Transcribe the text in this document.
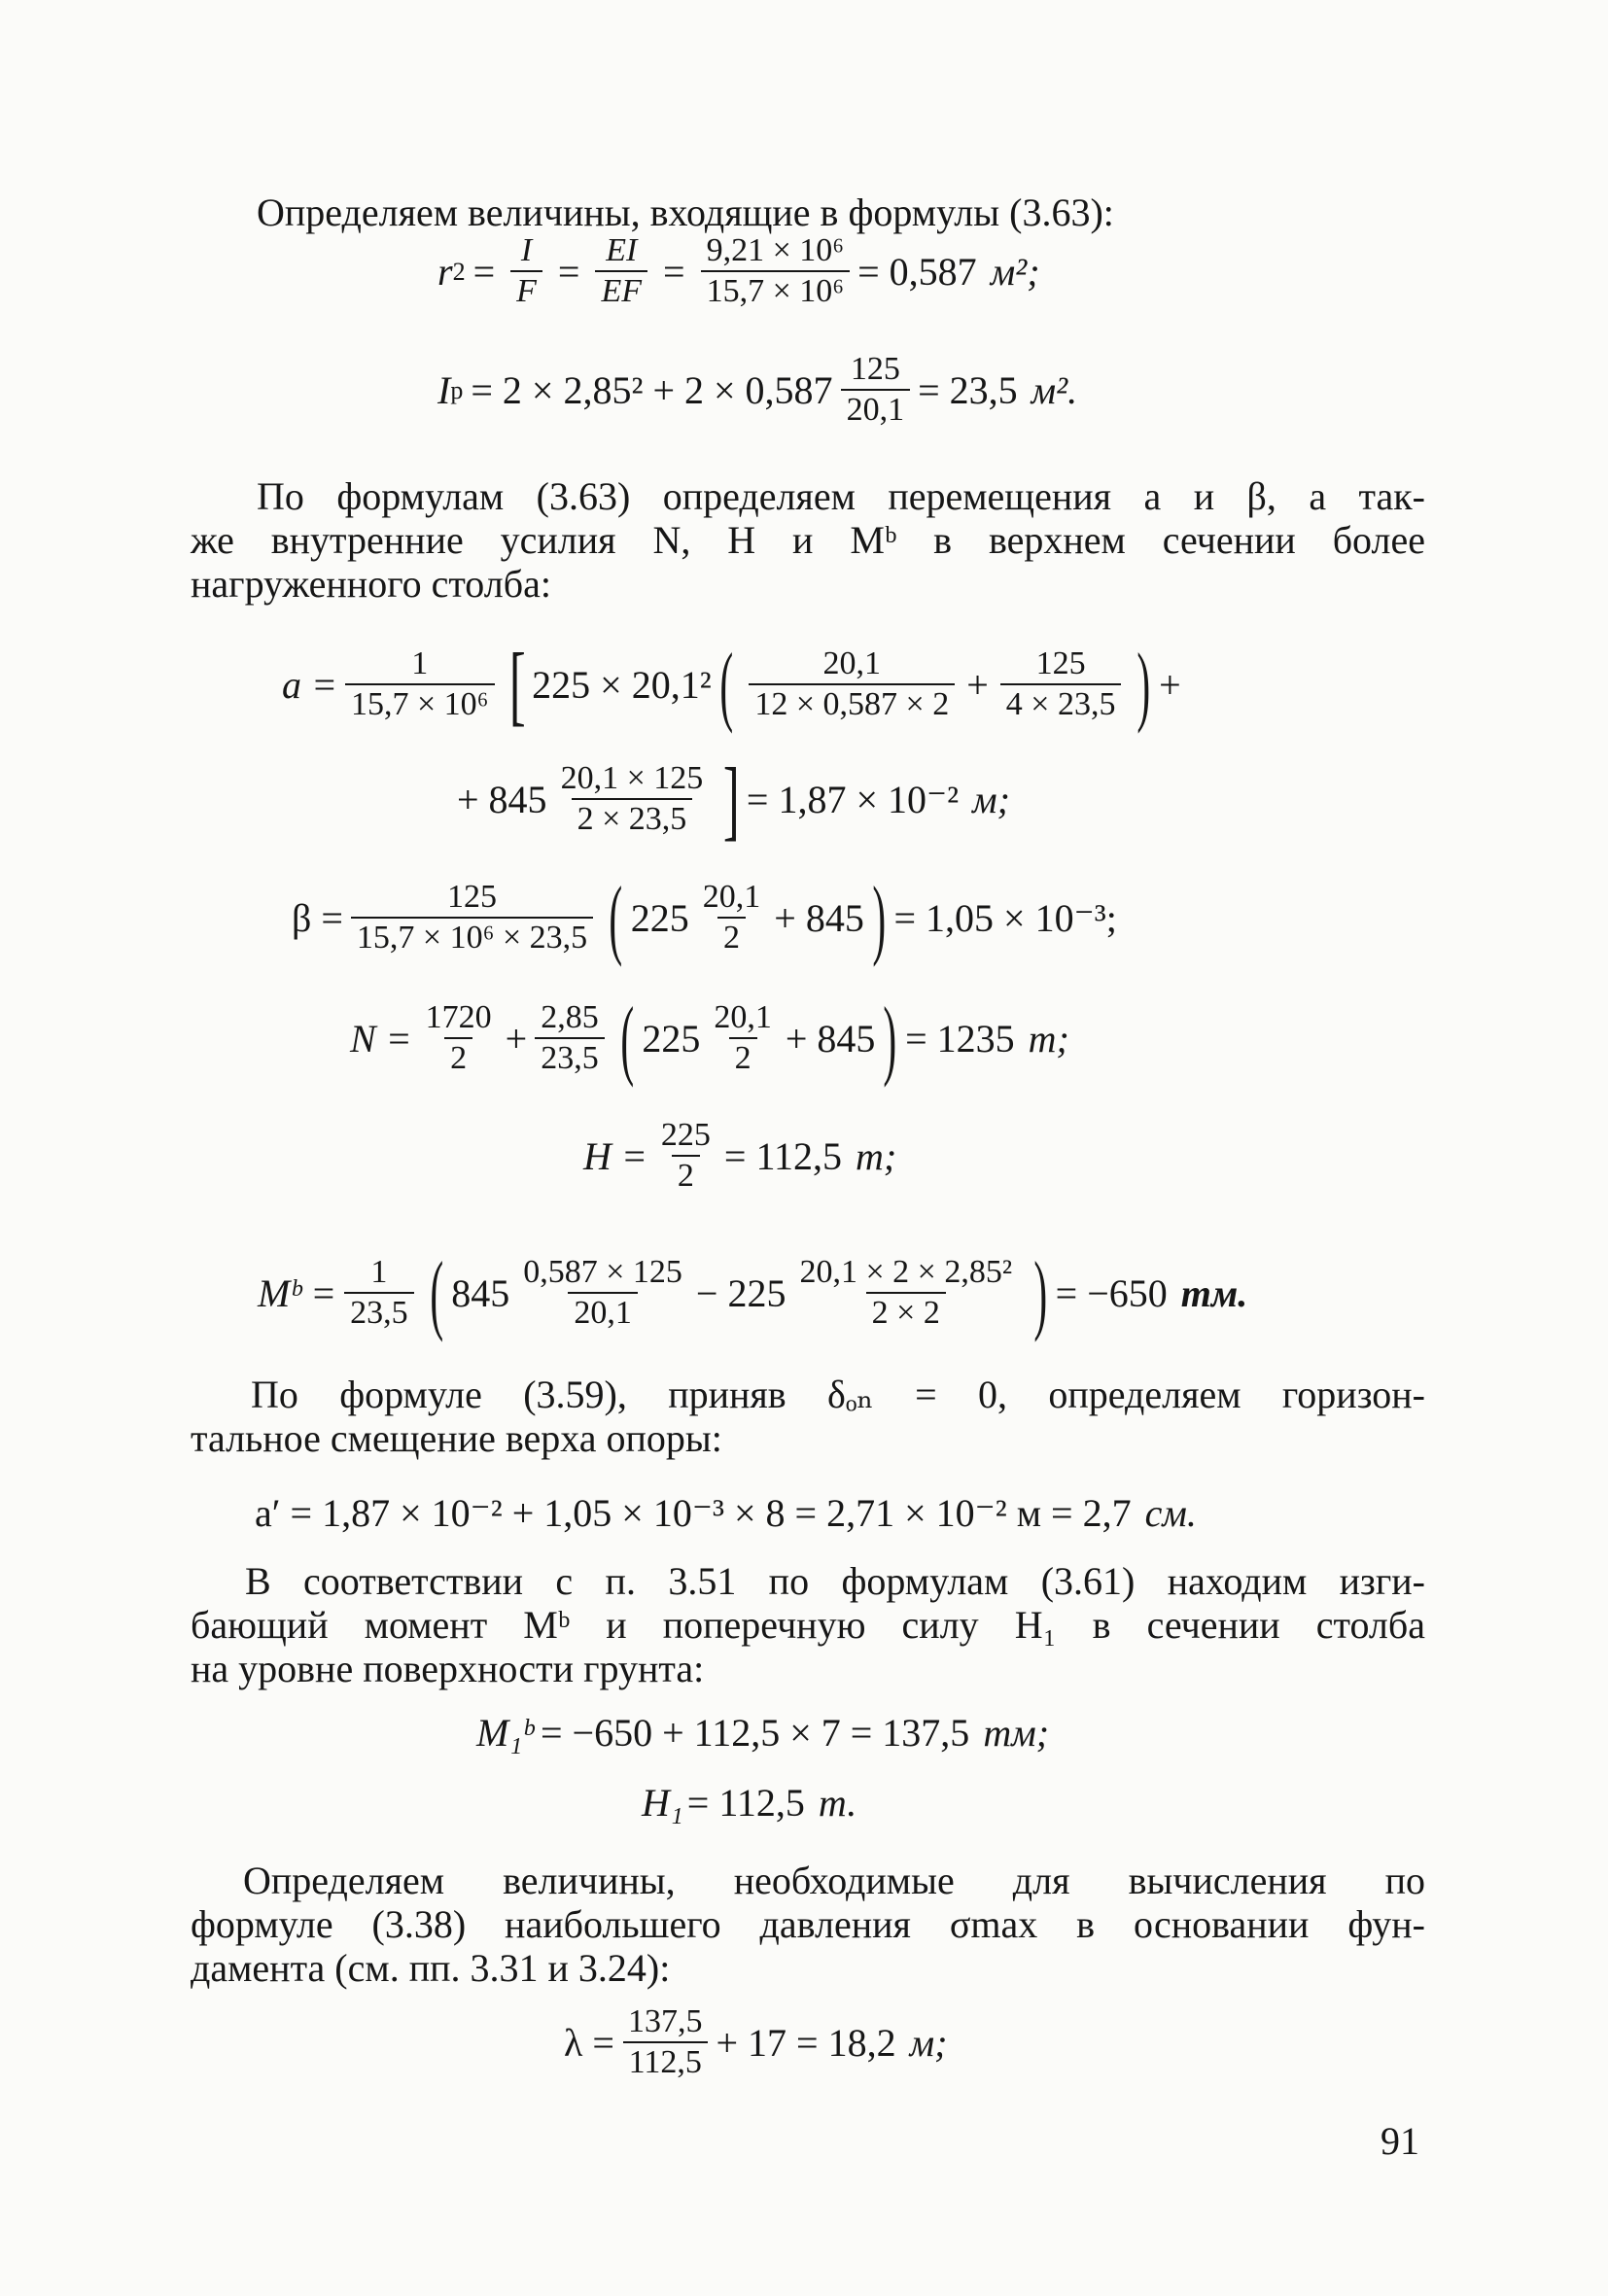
Определяем величины, входящие в формулы (3.63):

r $2 = \frac{I}{F} = \frac{EI}{EF} = \frac{\text{9,21 × 10⁶}}{\text{15,7 × 10⁶}} = 0,587$ м²;
I $р = 2 \times 2,85^2 + 2 \times 0,587 \frac{125}{20,1} = 23,5$ м².
По формулам (3.63) определяем перемещения a и β, а так-
же внутренние усилия N, H и Mᵇ в верхнем сечении более
нагруженного столба:
$a = \frac{1}{\text{15,7 × 10⁶}}$ [ 225 × 20,1² ( $\frac{20,1}{12 \times 0,587 \times 2} + \frac{125}{4 \times 23,5}$ ) +
+ $845 \frac{20,1 \times 125}{2 \times 23,5}$ ] = 1,87 × 10⁻² м;
$\beta = \frac{125}{\text{15,7 × 10⁶ × 23,5}}$ ( $225 \frac{20,1}{2} + 845$ ) = 1,05 × 10⁻³;
$N = \frac{1720}{2} + \frac{2,85}{23,5}$ ( $225 \frac{20,1}{2} + 845$ ) = 1235 т;
$H = \frac{225}{2} = 112,5$ т;
Mᵇ = $\frac{1}{23,5}$ ( $845 \frac{0,587 \times 125}{20,1} - 225 \frac{\text{20,1 × 2 × 2,85²}}{2 \times 2}$ ) = −650 тм.
По формуле (3.59), приняв δₒₙ = 0, определяем горизон-
тальное смещение верха опоры:
a′ = 1,87 × 10⁻² + 1,05 × 10⁻³ × 8 = 2,71 × 10⁻² м = 2,7 см.
В соответствии с п. 3.51 по формулам (3.61) находим изги-
бающий момент Mᵇ и поперечную силу H₁ в сечении столба
на уровне поверхности грунта:
M₁ᵇ = −650 + 112,5 × 7 = 137,5 тм;
H₁ = 112,5 т.
Определяем величины, необходимые для вычисления по
формуле (3.38) наибольшего давления σmax в основании фун-
дамента (см. пп. 3.31 и 3.24):
$\lambda = \frac{137,5}{112,5} + 17 = 18,2$ м;

91
